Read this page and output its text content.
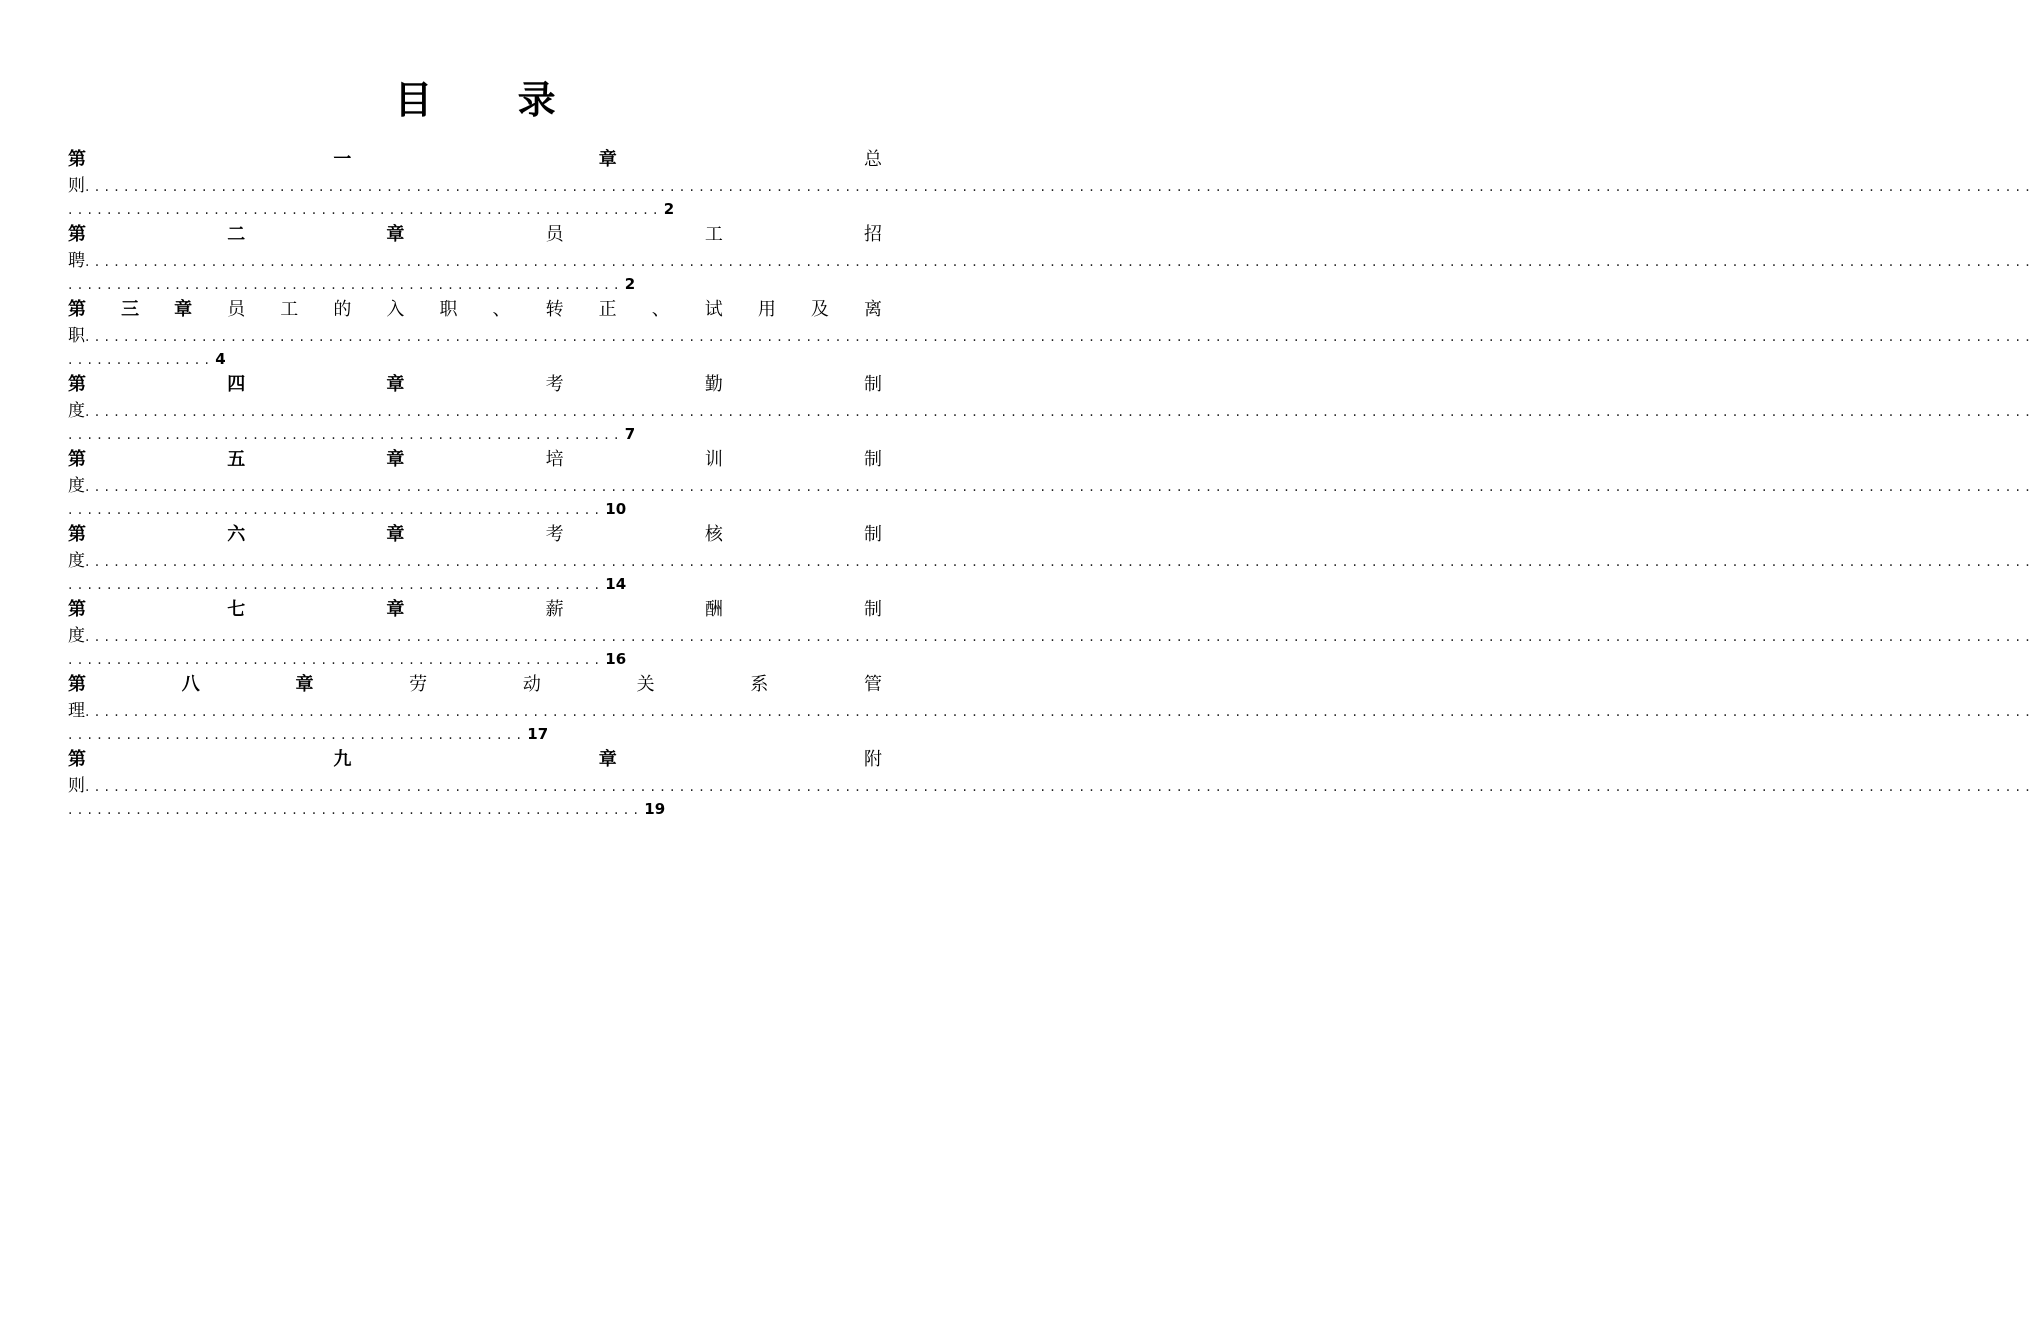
目 录
第	一	章	总
则 ........................................................................................................................................................................................................
............................................................. 2
第	二	章	员	工	招
聘 ........................................................................................................................................................................................................
......................................................... 2
第 三 章 员 工 的 入 职 、 转 正 、 试 用 及 离
职 ........................................................................................................................................................................................................
............... 4
第	四	章	考	勤	制
度 ........................................................................................................................................................................................................
......................................................... 7
第	五	章	培	训	制
度 ........................................................................................................................................................................................................
....................................................... 10
第	六	章	考	核	制
度 ........................................................................................................................................................................................................
....................................................... 14
第	七	章	薪	酬	制
度 ........................................................................................................................................................................................................
....................................................... 16
第	八	章	劳	动	关	系	管
理 ........................................................................................................................................................................................................
............................................... 17
第	九	章	附
则 ........................................................................................................................................................................................................
........................................................... 19
